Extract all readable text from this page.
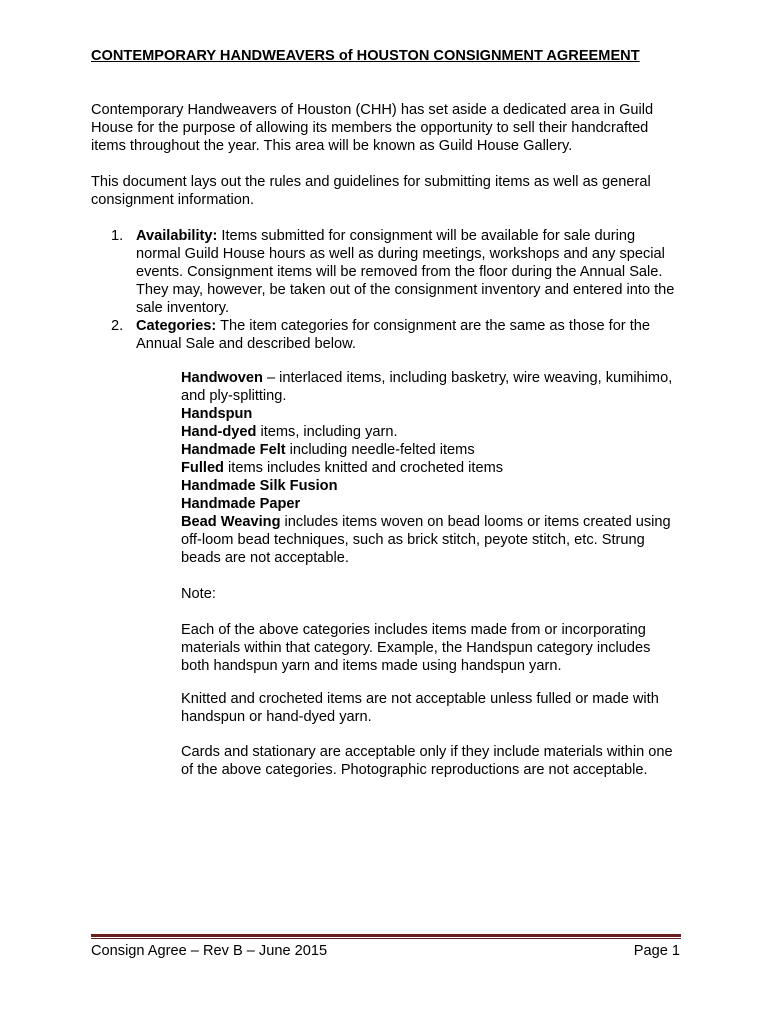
CONTEMPORARY HANDWEAVERS of HOUSTON CONSIGNMENT AGREEMENT

Contemporary Handweavers of Houston (CHH) has set aside a dedicated area in Guild House for the purpose of allowing its members the opportunity to sell their handcrafted items throughout the year. This area will be known as Guild House Gallery.

This document lays out the rules and guidelines for submitting items as well as general consignment information.

1. Availability: Items submitted for consignment will be available for sale during normal Guild House hours as well as during meetings, workshops and any special events. Consignment items will be removed from the floor during the Annual Sale. They may, however, be taken out of the consignment inventory and entered into the sale inventory.
2. Categories: The item categories for consignment are the same as those for the Annual Sale and described below.
Handwoven – interlaced items, including basketry, wire weaving, kumihimo, and ply-splitting.
Handspun
Hand-dyed items, including yarn.
Handmade Felt including needle-felted items
Fulled items includes knitted and crocheted items
Handmade Silk Fusion
Handmade Paper
Bead Weaving includes items woven on bead looms or items created using off-loom bead techniques, such as brick stitch, peyote stitch, etc. Strung beads are not acceptable.

Note:

Each of the above categories includes items made from or incorporating materials within that category. Example, the Handspun category includes both handspun yarn and items made using handspun yarn.

Knitted and crocheted items are not acceptable unless fulled or made with handspun or hand-dyed yarn.

Cards and stationary are acceptable only if they include materials within one of the above categories. Photographic reproductions are not acceptable.

Consign Agree – Rev B – June 2015	Page 1
